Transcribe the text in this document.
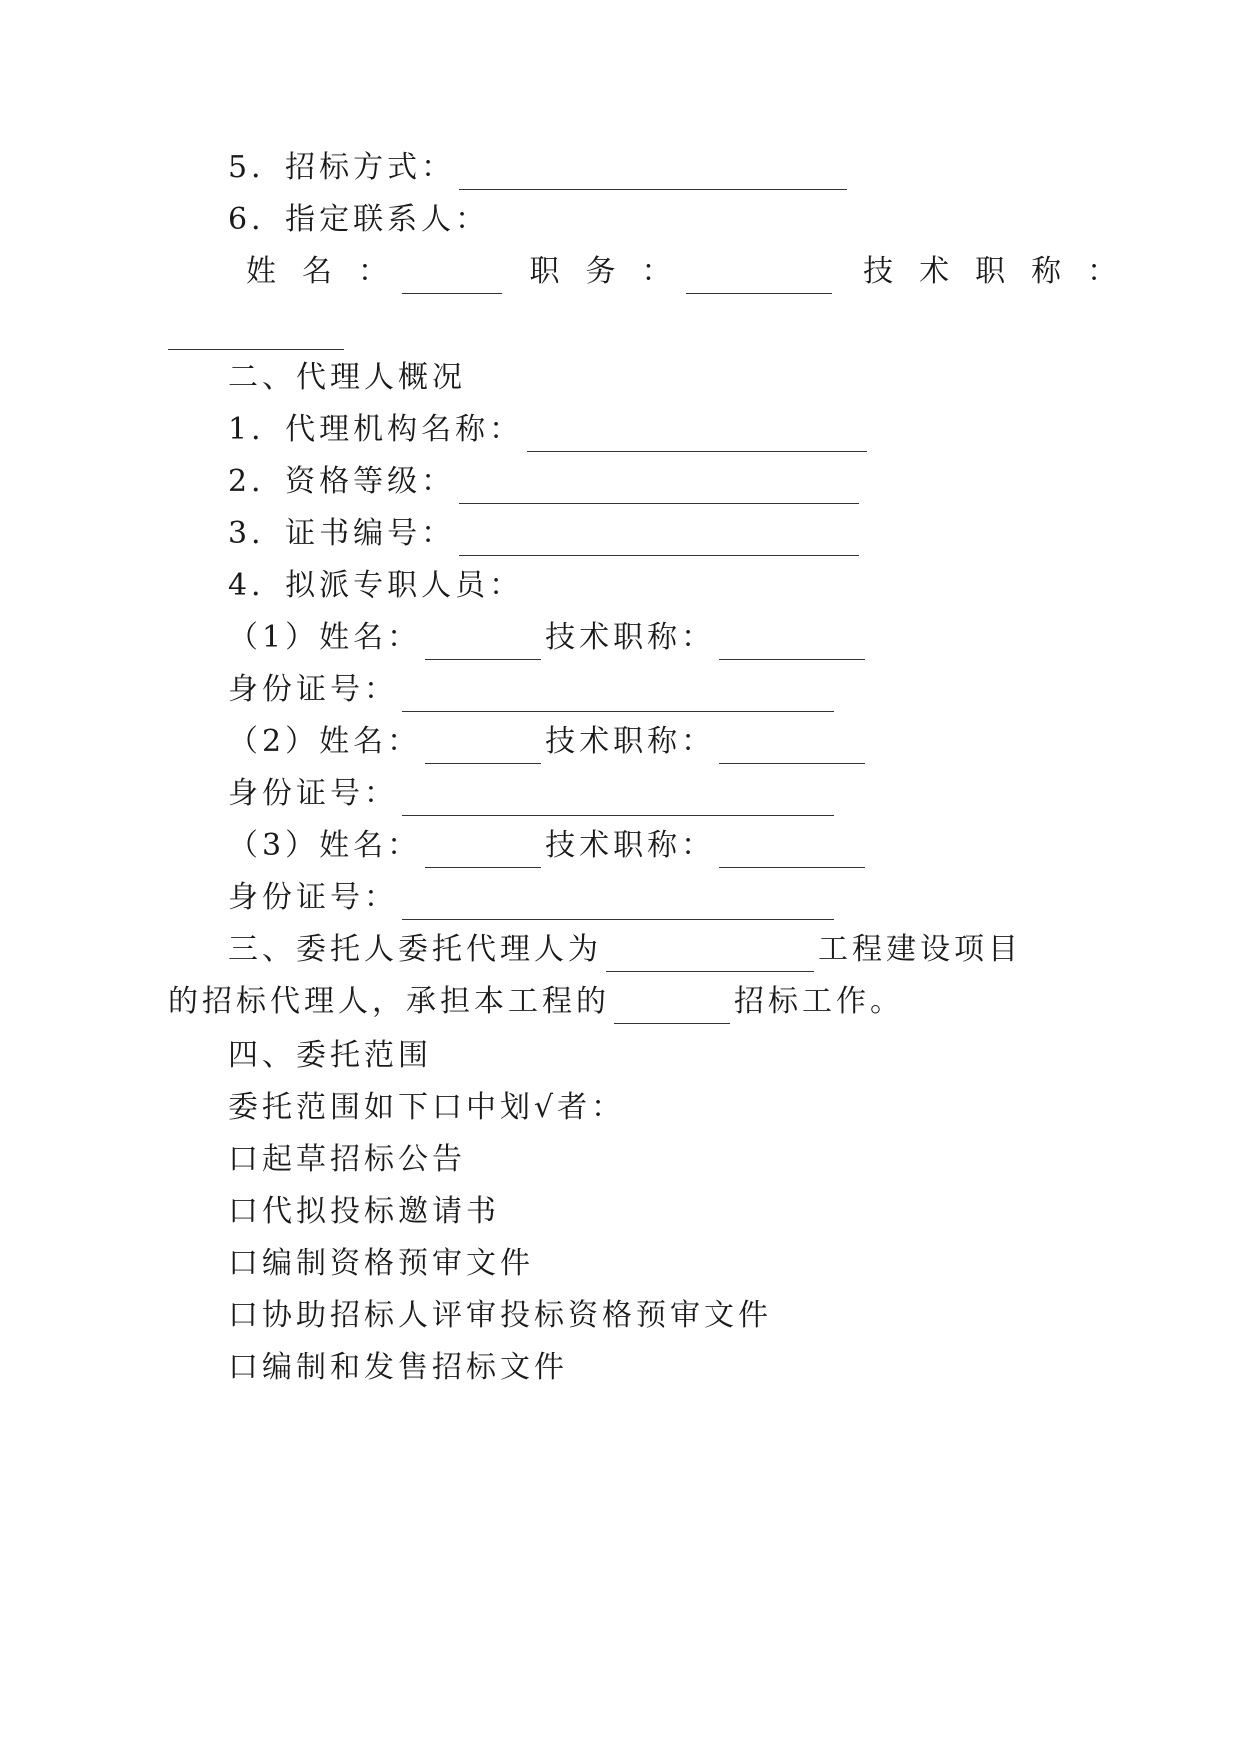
5．招标方式：
6．指定联系人：
姓名：	职务：	技术职称：
二、代理人概况
1．代理机构名称：
2．资格等级：
3．证书编号：
4．拟派专职人员：
（1）姓名：	技术职称：
身份证号：
（2）姓名：	技术职称：
身份证号：
（3）姓名：	技术职称：
身份证号：
三、委托人委托代理人为	工程建设项目
的招标代理人，承担本工程的	招标工作。
四、委托范围
委托范围如下口中划√者：
口起草招标公告
口代拟投标邀请书
口编制资格预审文件
口协助招标人评审投标资格预审文件
口编制和发售招标文件
